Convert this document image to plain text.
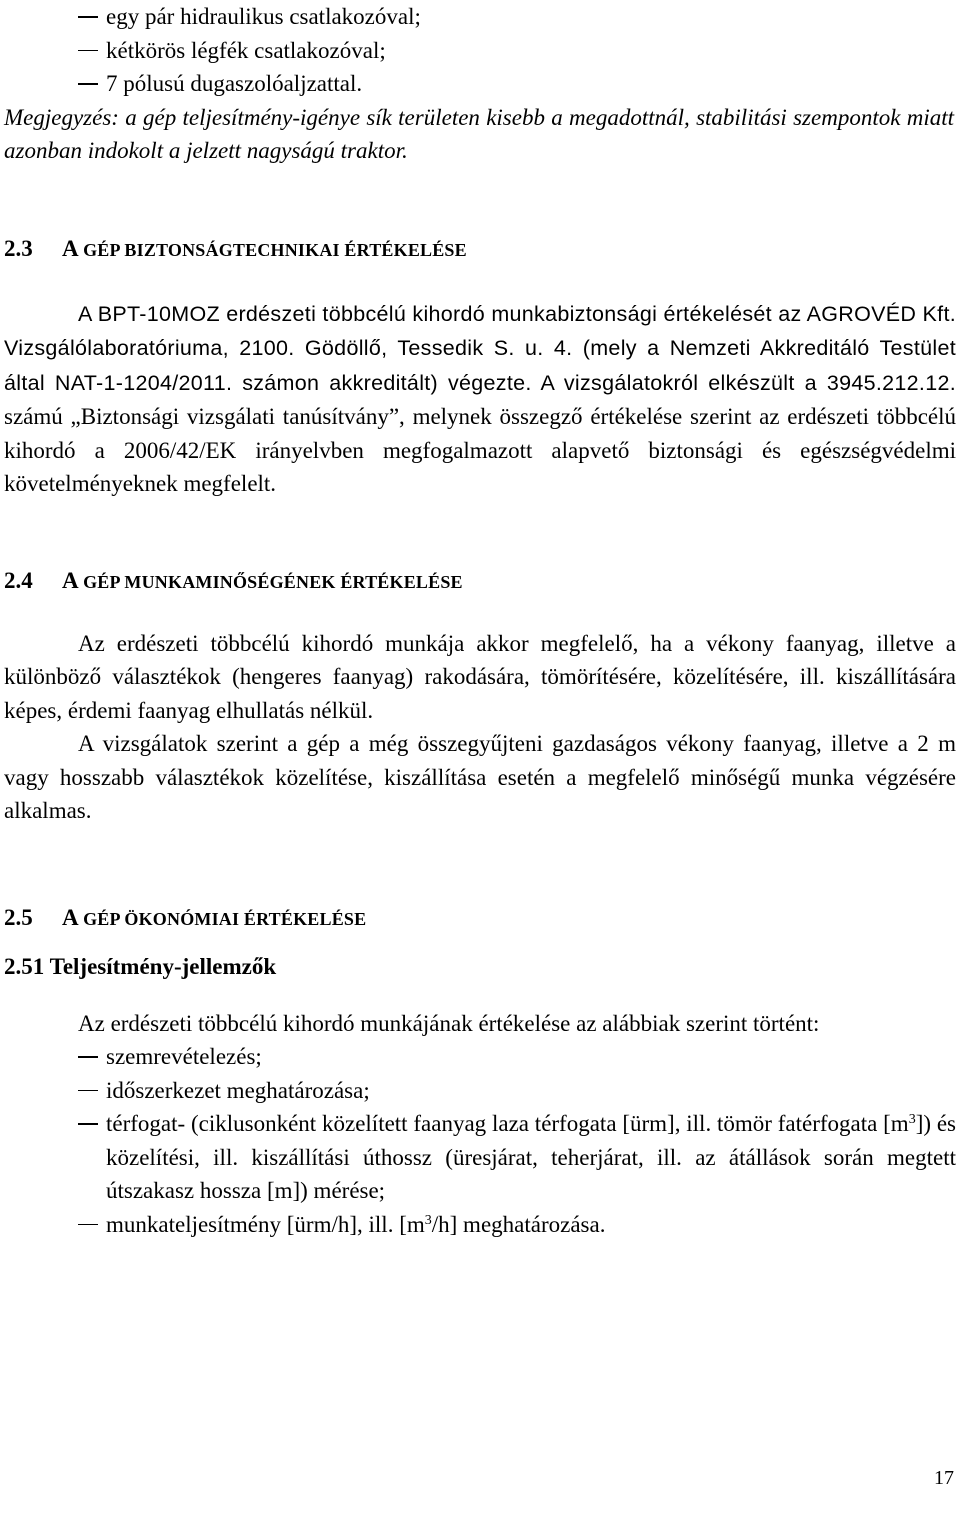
egy pár hidraulikus csatlakozóval;
kétkörös légfék csatlakozóval;
7 pólusú dugaszolóaljzattal.

Megjegyzés: a gép teljesítmény-igénye sík területen kisebb a megadottnál, stabilitási szempontok miatt azonban indokolt a jelzett nagyságú traktor.

2.3	A GÉP BIZTONSÁGTECHNIKAI ÉRTÉKELÉSE

A BPT-10MOZ erdészeti többcélú kihordó munkabiztonsági értékelését az AGROVÉD Kft. Vizsgálólaboratóriuma, 2100. Gödöllő, Tessedik S. u. 4. (mely a Nemzeti Akkreditáló Testület által NAT-1-1204/2011. számon akkreditált) végezte. A vizsgálatokról elkészült a 3945.212.12. számú „Biztonsági vizsgálati tanúsítvány”, melynek összegző értékelése szerint az erdészeti többcélú kihordó a 2006/42/EK irányelvben megfogalmazott alapvető biztonsági és egészségvédelmi követelményeknek megfelelt.

2.4	A GÉP MUNKAMINŐSÉGÉNEK ÉRTÉKELÉSE

Az erdészeti többcélú kihordó munkája akkor megfelelő, ha a vékony faanyag, illetve a különböző választékok (hengeres faanyag) rakodására, tömörítésére, közelítésére, ill. kiszállítására képes, érdemi faanyag elhullatás nélkül.

A vizsgálatok szerint a gép a még összegyűjteni gazdaságos vékony faanyag, illetve a 2 m vagy hosszabb választékok közelítése, kiszállítása esetén a megfelelő minőségű munka végzésére alkalmas.

2.5	A GÉP ÖKONÓMIAI ÉRTÉKELÉSE
2.51 Teljesítmény-jellemzők

Az erdészeti többcélú kihordó munkájának értékelése az alábbiak szerint történt:

szemrevételezés;
időszerkezet meghatározása;
térfogat- (ciklusonként közelített faanyag laza térfogata [ürm], ill. tömör fatérfogata $[m^3]$) és közelítési, ill. kiszállítási úthossz (üresjárat, teherjárat, ill. az átállások során megtett útszakasz hossza [m]) mérése;
munkateljesítmény [ürm/h], ill. $[m^3/h]$ meghatározása.
17
